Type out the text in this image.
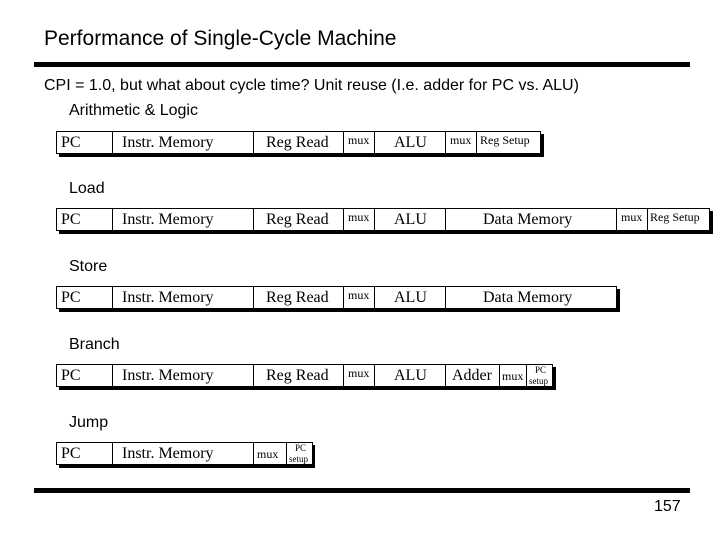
Performance of Single-Cycle Machine
CPI = 1.0, but what about cycle time? Unit reuse (I.e. adder for PC vs. ALU)
Arithmetic & Logic
PC	Instr. Memory	Reg Read mux ALU mux Reg Setup
Load
PC	Instr. Memory	Reg Read mux ALU	Data Memory	mux Reg Setup
Store
PC	Instr. Memory	Reg Read mux ALU	Data Memory
Branch
PC	Instr. Memory	Reg Read mux ALU Adder mux PC
setup
Jump
PC	Instr. Memory	mux PC
setup
157
